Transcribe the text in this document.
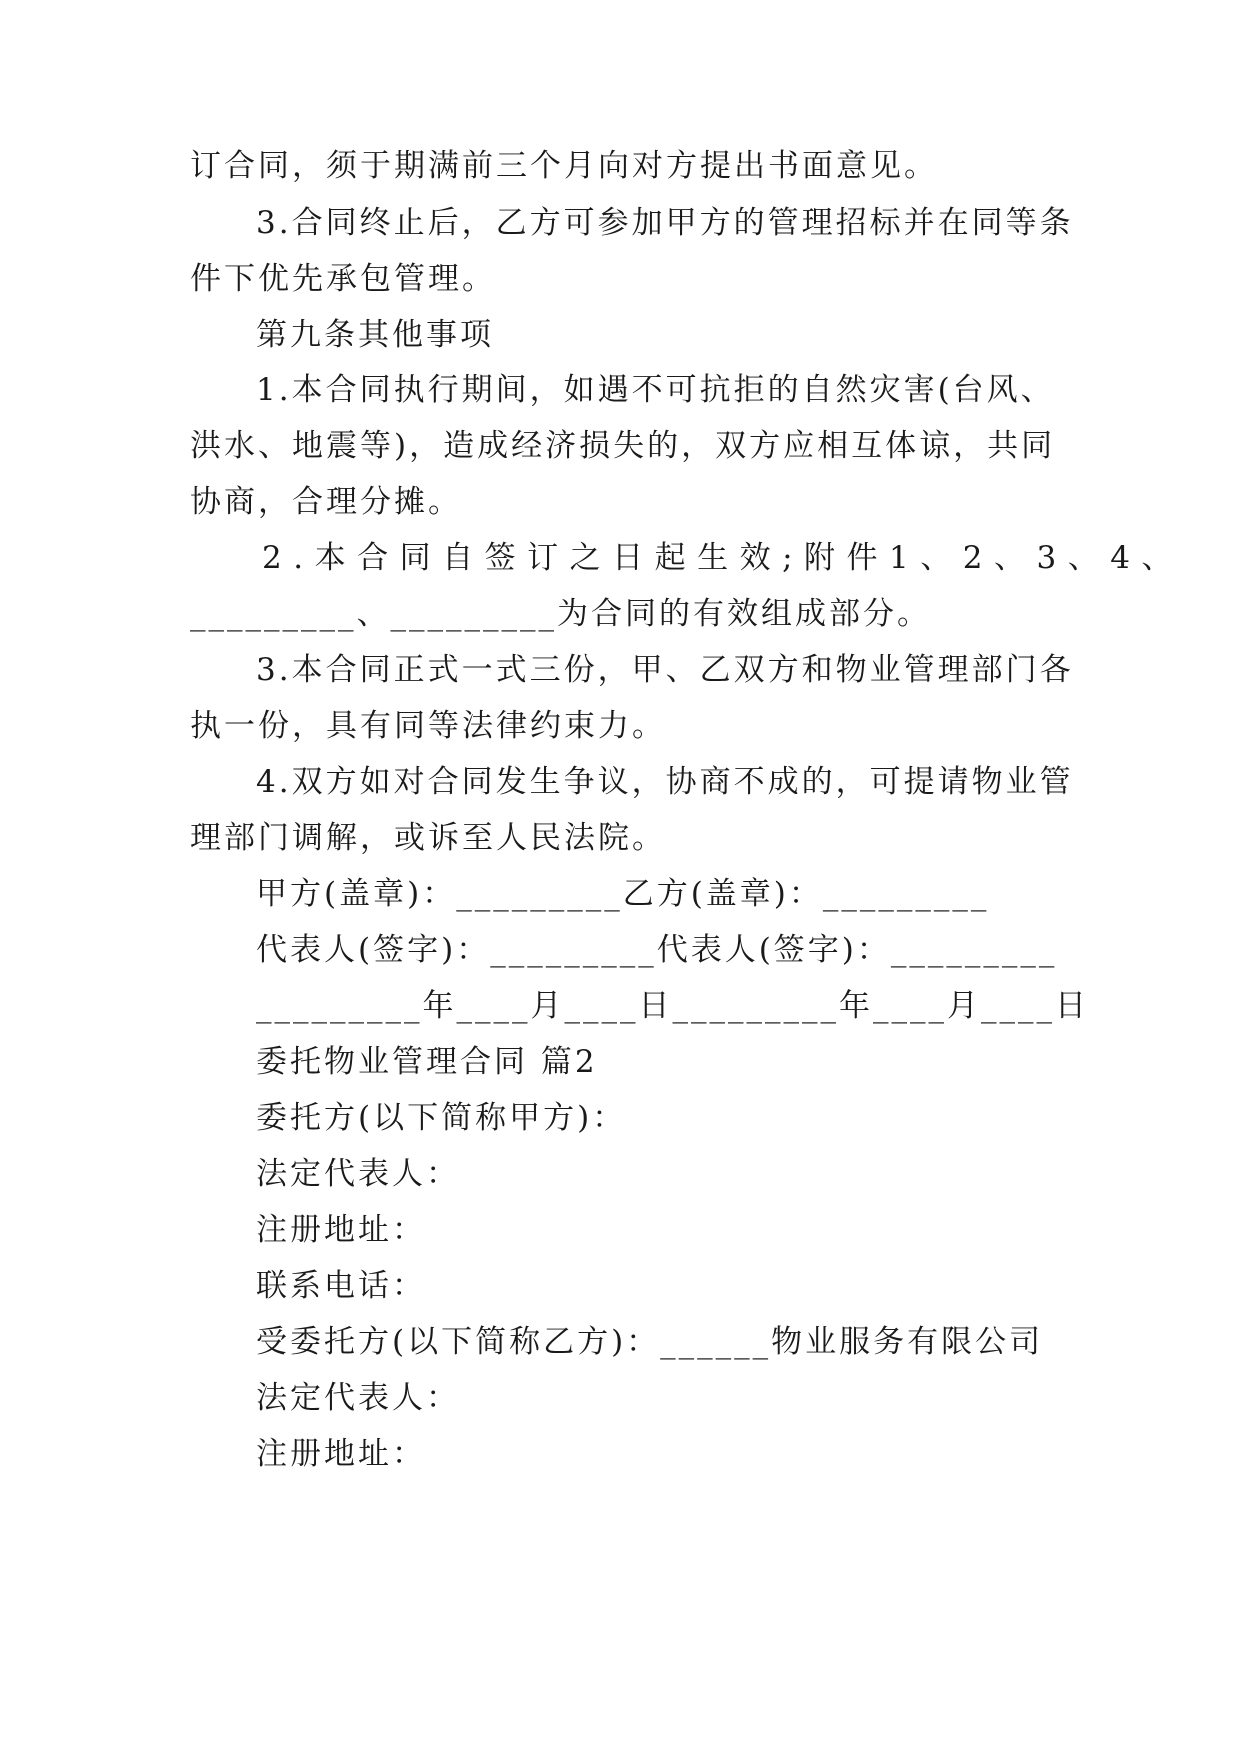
订合同，须于期满前三个月向对方提出书面意见。
3.合同终止后，乙方可参加甲方的管理招标并在同等条
件下优先承包管理。
第九条其他事项
1.本合同执行期间，如遇不可抗拒的自然灾害(台风、
洪水、地震等)，造成经济损失的，双方应相互体谅，共同
协商，合理分摊。
2.本合同自签订之日起生效;附件1、2、3、4、
_________、_________为合同的有效组成部分。
3.本合同正式一式三份，甲、乙双方和物业管理部门各
执一份，具有同等法律约束力。
4.双方如对合同发生争议，协商不成的，可提请物业管
理部门调解，或诉至人民法院。
甲方(盖章)：_________乙方(盖章)：_________
代表人(签字)：_________代表人(签字)：_________
_________年____月____日_________年____月____日
委托物业管理合同 篇2
委托方(以下简称甲方)：
法定代表人：
注册地址：
联系电话：
受委托方(以下简称乙方)：______物业服务有限公司
法定代表人：
注册地址：
